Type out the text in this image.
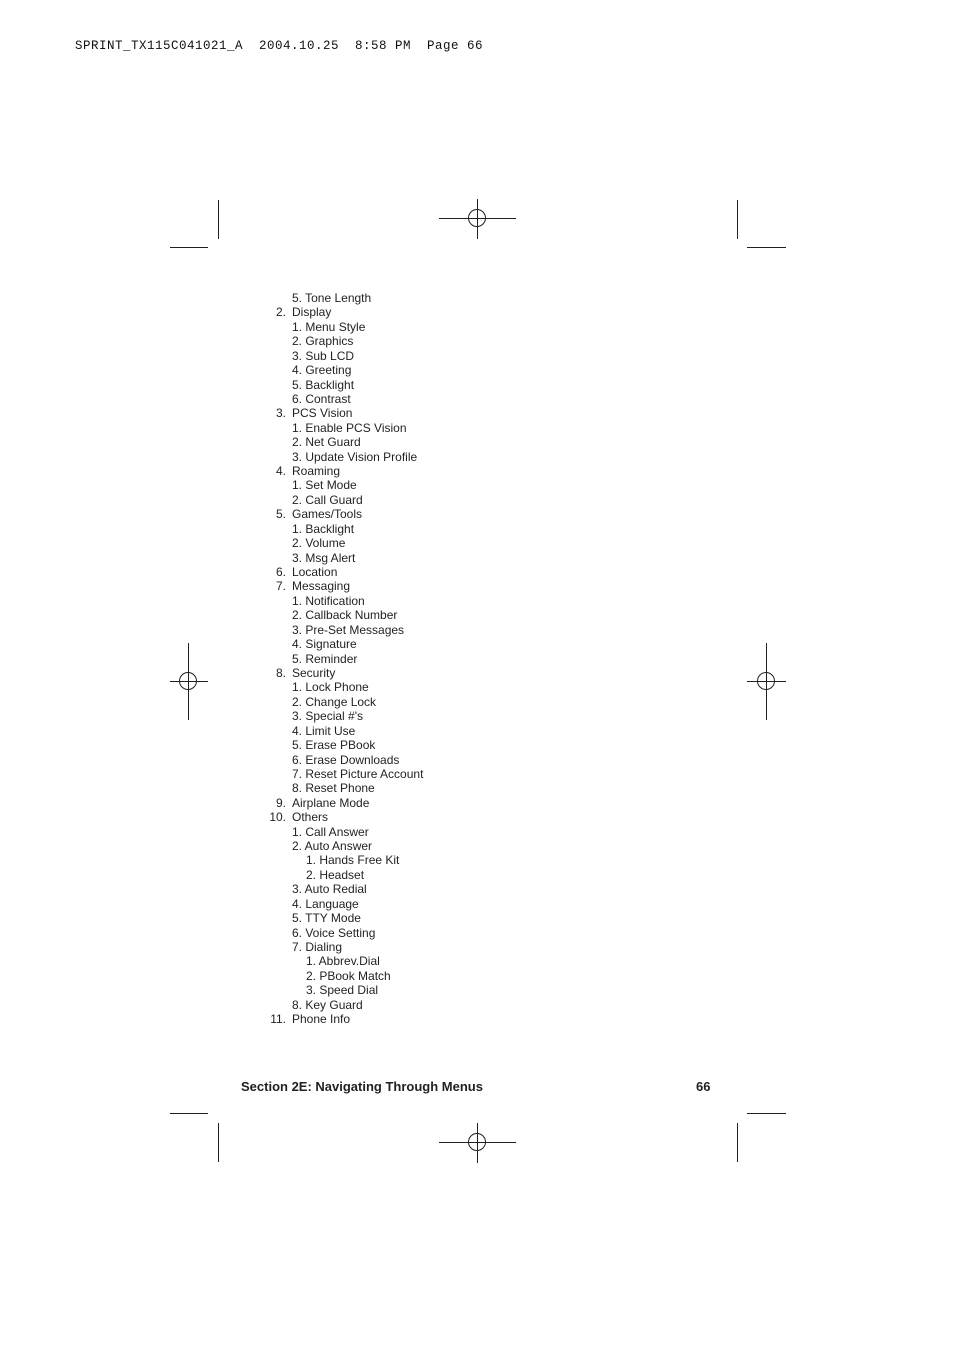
SPRINT_TX115C041021_A  2004.10.25  8:58 PM  Page 66
5. Tone Length
2. Display
1. Menu Style
2. Graphics
3. Sub LCD
4. Greeting
5. Backlight
6. Contrast
3. PCS Vision
1. Enable PCS Vision
2. Net Guard
3. Update Vision Profile
4. Roaming
1. Set Mode
2. Call Guard
5. Games/Tools
1. Backlight
2. Volume
3. Msg Alert
6. Location
7. Messaging
1. Notification
2. Callback Number
3. Pre-Set Messages
4. Signature
5. Reminder
8. Security
1. Lock Phone
2. Change Lock
3. Special #'s
4. Limit Use
5. Erase PBook
6. Erase Downloads
7. Reset Picture Account
8. Reset Phone
9. Airplane Mode
10. Others
1. Call Answer
2. Auto Answer
1. Hands Free Kit
2. Headset
3. Auto Redial
4. Language
5. TTY Mode
6. Voice Setting
7. Dialing
1. Abbrev.Dial
2. PBook Match
3. Speed Dial
8. Key Guard
11. Phone Info
Section 2E: Navigating Through Menus	66
